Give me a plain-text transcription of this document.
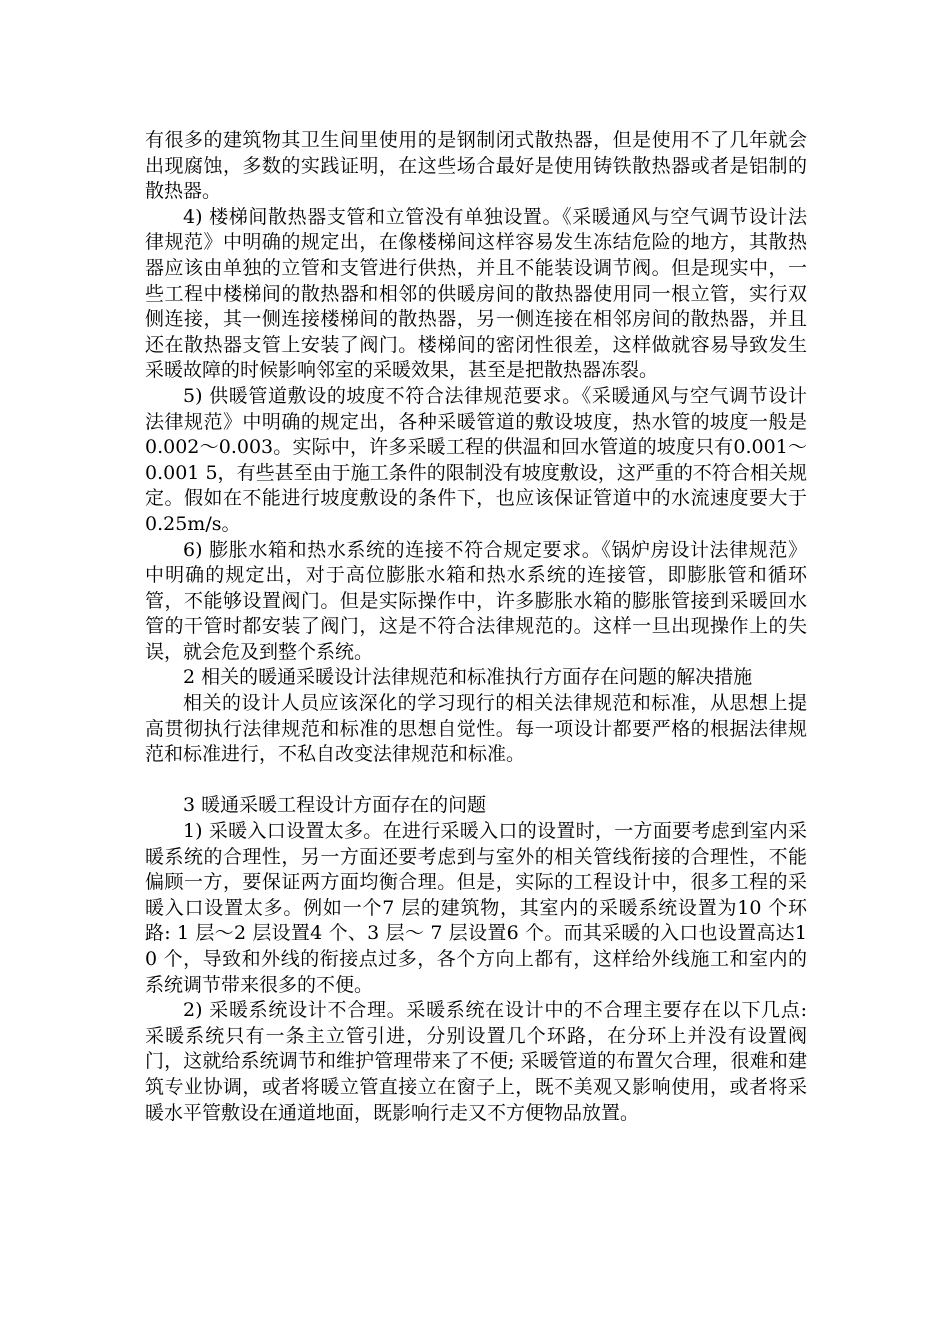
有很多的建筑物其卫生间里使用的是钢制闭式散热器，但是使用不了几年就会出现腐蚀，多数的实践证明，在这些场合最好是使用铸铁散热器或者是铝制的散热器。

4) 楼梯间散热器支管和立管没有单独设置。《采暖通风与空气调节设计法律规范》中明确的规定出，在像楼梯间这样容易发生冻结危险的地方，其散热器应该由单独的立管和支管进行供热，并且不能装设调节阀。但是现实中，一些工程中楼梯间的散热器和相邻的供暖房间的散热器使用同一根立管，实行双侧连接，其一侧连接楼梯间的散热器，另一侧连接在相邻房间的散热器，并且还在散热器支管上安装了阀门。楼梯间的密闭性很差，这样做就容易导致发生采暖故障的时候影响邻室的采暖效果，甚至是把散热器冻裂。

5) 供暖管道敷设的坡度不符合法律规范要求。《采暖通风与空气调节设计法律规范》中明确的规定出，各种采暖管道的敷设坡度，热水管的坡度一般是0.002～0.003。实际中，许多采暖工程的供温和回水管道的坡度只有0.001～0.001 5，有些甚至由于施工条件的限制没有坡度敷设，这严重的不符合相关规定。假如在不能进行坡度敷设的条件下，也应该保证管道中的水流速度要大于0.25m/s。

6) 膨胀水箱和热水系统的连接不符合规定要求。《锅炉房设计法律规范》中明确的规定出，对于高位膨胀水箱和热水系统的连接管，即膨胀管和循环管，不能够设置阀门。但是实际操作中，许多膨胀水箱的膨胀管接到采暖回水管的干管时都安装了阀门，这是不符合法律规范的。这样一旦出现操作上的失误，就会危及到整个系统。

2 相关的暖通采暖设计法律规范和标准执行方面存在问题的解决措施

相关的设计人员应该深化的学习现行的相关法律规范和标准，从思想上提高贯彻执行法律规范和标准的思想自觉性。每一项设计都要严格的根据法律规范和标准进行，不私自改变法律规范和标准。

3 暖通采暖工程设计方面存在的问题

1) 采暖入口设置太多。在进行采暖入口的设置时，一方面要考虑到室内采暖系统的合理性，另一方面还要考虑到与室外的相关管线衔接的合理性，不能偏顾一方，要保证两方面均衡合理。但是，实际的工程设计中，很多工程的采暖入口设置太多。例如一个7 层的建筑物，其室内的采暖系统设置为10 个环路: 1 层～2 层设置4 个、3 层～ 7 层设置6 个。而其采暖的入口也设置高达10 个，导致和外线的衔接点过多，各个方向上都有，这样给外线施工和室内的系统调节带来很多的不便。

2) 采暖系统设计不合理。采暖系统在设计中的不合理主要存在以下几点: 采暖系统只有一条主立管引进，分别设置几个环路，在分环上并没有设置阀门，这就给系统调节和维护管理带来了不便; 采暖管道的布置欠合理，很难和建筑专业协调，或者将暖立管直接立在窗子上，既不美观又影响使用，或者将采暖水平管敷设在通道地面，既影响行走又不方便物品放置。
